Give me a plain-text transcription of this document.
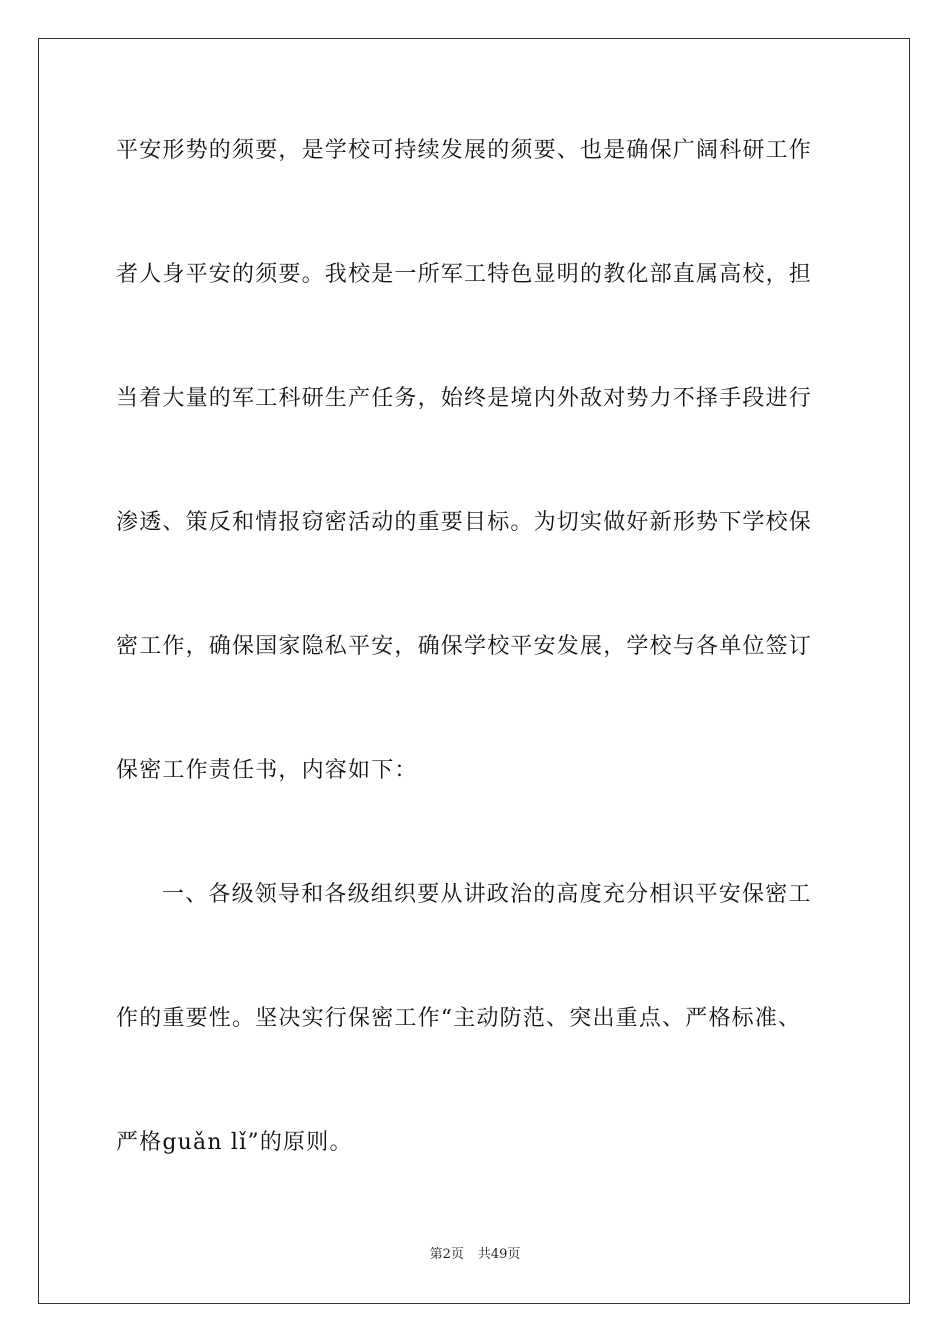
平安形势的须要，是学校可持续发展的须要、也是确保广阔科研工作
者人身平安的须要。我校是一所军工特色显明的教化部直属高校，担
当着大量的军工科研生产任务，始终是境内外敌对势力不择手段进行
渗透、策反和情报窃密活动的重要目标。为切实做好新形势下学校保
密工作，确保国家隐私平安，确保学校平安发展，学校与各单位签订
保密工作责任书，内容如下：
一、各级领导和各级组织要从讲政治的高度充分相识平安保密工
作的重要性。坚决实行保密工作“主动防范、突出重点、严格标准、
严格guǎn lǐ”的原则。
第2页 共49页
